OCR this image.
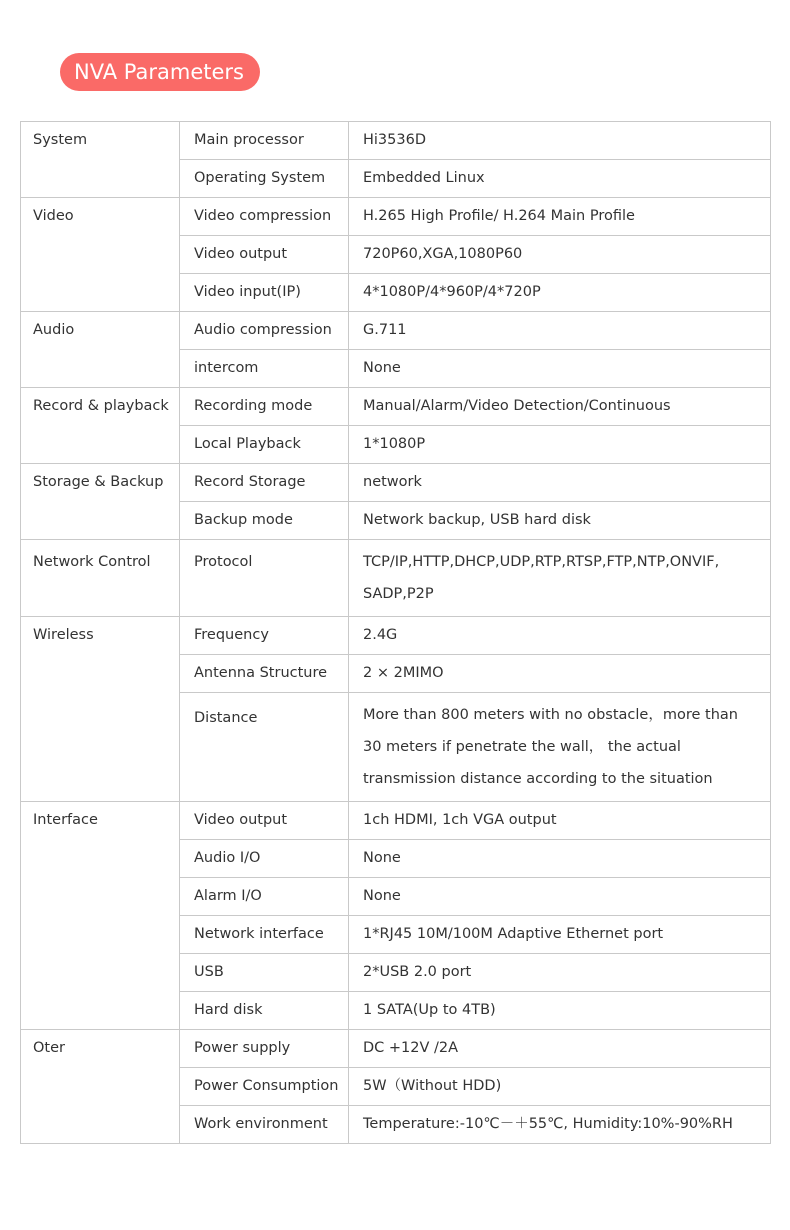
NVA Parameters
System	Main processor	Hi3536D
	Operating System	Embedded Linux
Video	Video compression	H.265 High Profile/ H.264 Main Profile
	Video output	720P60,XGA,1080P60
	Video input(IP)	4*1080P/4*960P/4*720P
Audio	Audio compression	G.711
	intercom	None
Record & playback	Recording mode	Manual/Alarm/Video Detection/Continuous
	Local Playback	1*1080P
Storage & Backup	Record Storage	network
	Backup mode	Network backup, USB hard disk
Network Control	Protocol	TCP/IP,HTTP,DHCP,UDP,RTP,RTSP,FTP,NTP,ONVIF, SADP,P2P
Wireless	Frequency	2.4G
	Antenna Structure	2 × 2MIMO
	Distance	More than 800 meters with no obstacle，more than 30 meters if penetrate the wall， the actual transmission distance according to the situation
Interface	Video output	1ch HDMI, 1ch VGA output
	Audio I/O	None
	Alarm I/O	None
	Network interface	1*RJ45 10M/100M Adaptive Ethernet port
	USB	2*USB 2.0 port
	Hard disk	1 SATA(Up to 4TB)
Oter	Power supply	DC +12V /2A
	Power Consumption	5W（Without HDD)
	Work environment	Temperature:-10℃－＋55℃, Humidity:10%-90%RH
